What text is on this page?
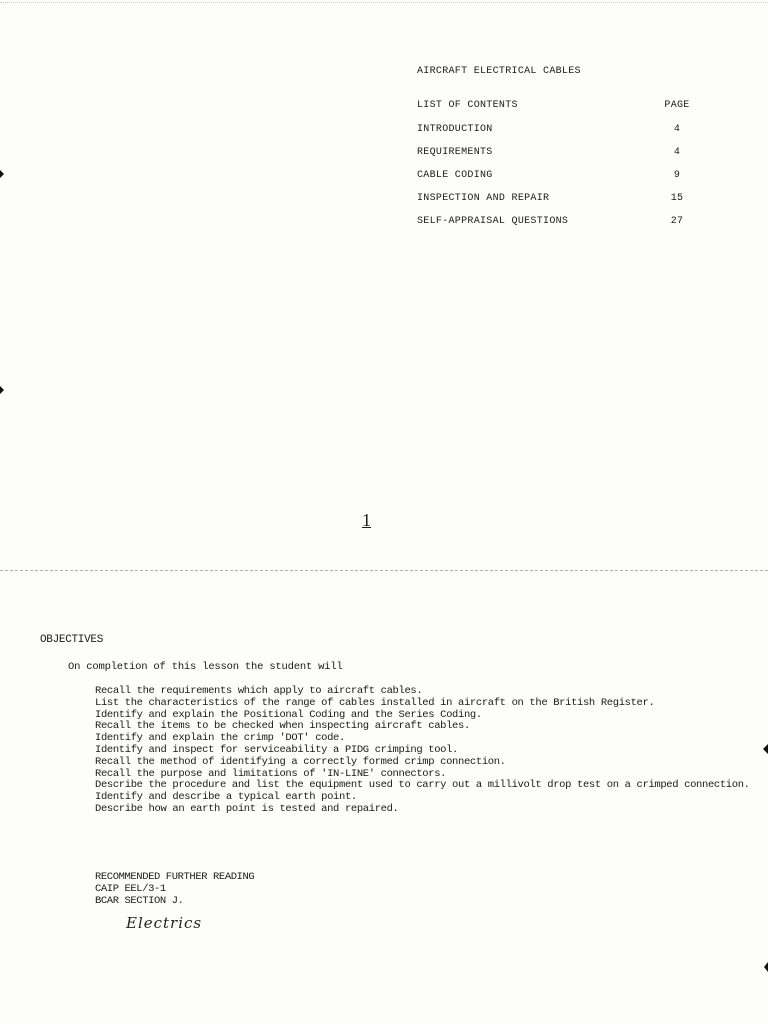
AIRCRAFT ELECTRICAL CABLES
LIST OF CONTENTS	PAGE
INTRODUCTION	4
REQUIREMENTS	4
CABLE CODING	9
INSPECTION AND REPAIR	15
SELF-APPRAISAL QUESTIONS	27
1
OBJECTIVES
On completion of this lesson the student will
Recall the requirements which apply to aircraft cables.
List the characteristics of the range of cables installed in aircraft on the British Register.
Identify and explain the Positional Coding and the Series Coding.
Recall the items to be checked when inspecting aircraft cables.
Identify and explain the crimp 'DOT' code.
Identify and inspect for serviceability a PIDG crimping tool.
Recall the method of identifying a correctly formed crimp connection.
Recall the purpose and limitations of 'IN-LINE' connectors.
Describe the procedure and list the equipment used to carry out a millivolt drop test on a crimped connection.
Identify and describe a typical earth point.
Describe how an earth point is tested and repaired.
RECOMMENDED FURTHER READING
CAIP EEL/3-1
BCAR SECTION J.
Electrics
